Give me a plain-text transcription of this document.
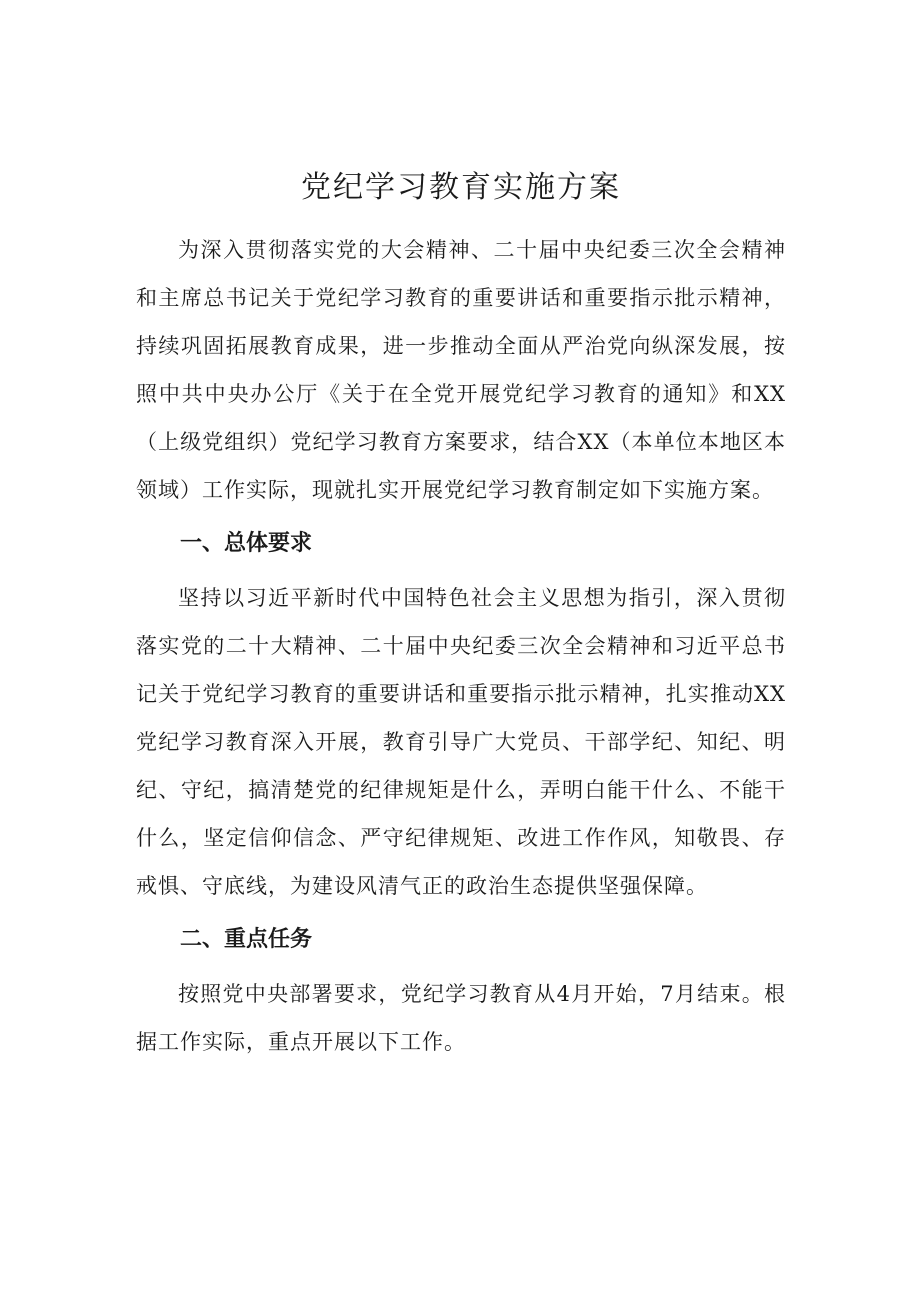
党纪学习教育实施方案

为深入贯彻落实党的大会精神、二十届中央纪委三次全会精神和主席总书记关于党纪学习教育的重要讲话和重要指示批示精神，持续巩固拓展教育成果，进一步推动全面从严治党向纵深发展，按照中共中央办公厅《关于在全党开展党纪学习教育的通知》和XX（上级党组织）党纪学习教育方案要求，结合XX（本单位本地区本领域）工作实际，现就扎实开展党纪学习教育制定如下实施方案。

一、总体要求

坚持以习近平新时代中国特色社会主义思想为指引，深入贯彻落实党的二十大精神、二十届中央纪委三次全会精神和习近平总书记关于党纪学习教育的重要讲话和重要指示批示精神，扎实推动XX党纪学习教育深入开展，教育引导广大党员、干部学纪、知纪、明纪、守纪，搞清楚党的纪律规矩是什么，弄明白能干什么、不能干什么，坚定信仰信念、严守纪律规矩、改进工作作风，知敬畏、存戒惧、守底线，为建设风清气正的政治生态提供坚强保障。

二、重点任务

按照党中央部署要求，党纪学习教育从4月开始，7月结束。根据工作实际，重点开展以下工作。
